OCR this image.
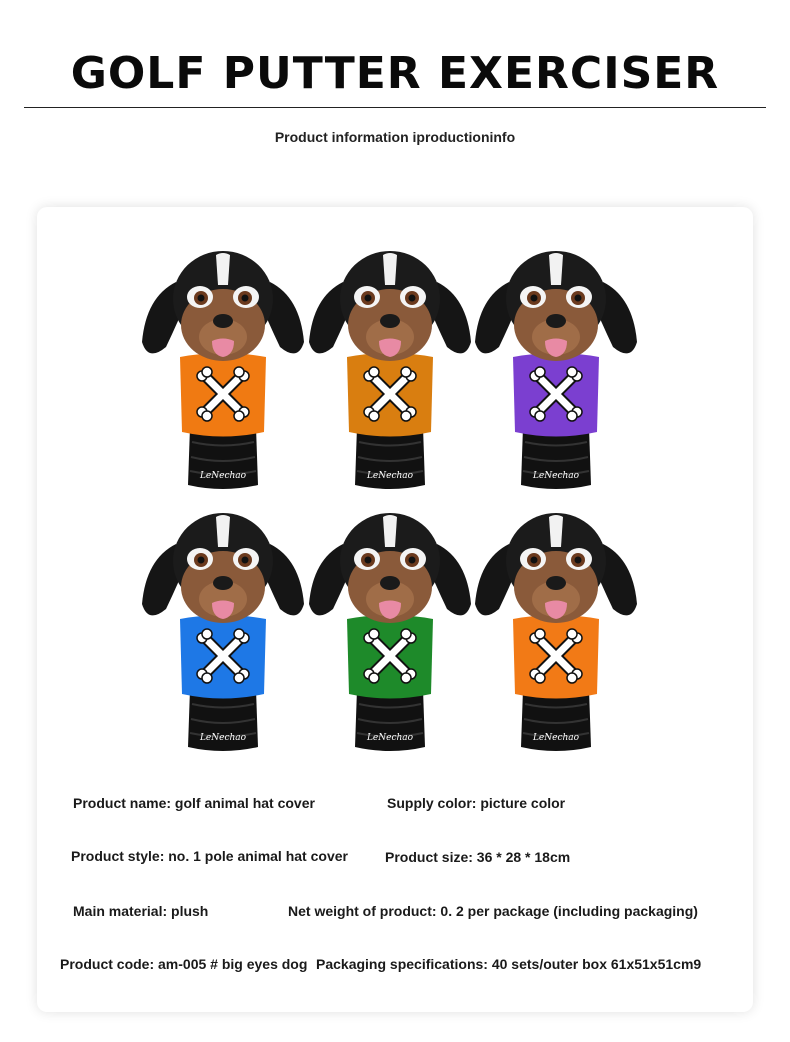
GOLF PUTTER EXERCISER
Product information iproductioninfo
LeNechao	LeNechao	LeNechao
LeNechao	LeNechao	LeNechao
Product name: golf animal hat cover	Supply color: picture color
Product style: no. 1 pole animal hat cover	Product size: 36 * 28 * 18cm
Main material: plush	Net weight of product: 0. 2 per package (including packaging)
Product code: am-005 # big eyes dog Packaging specifications: 40 sets/outer box 61x51x51cm9
